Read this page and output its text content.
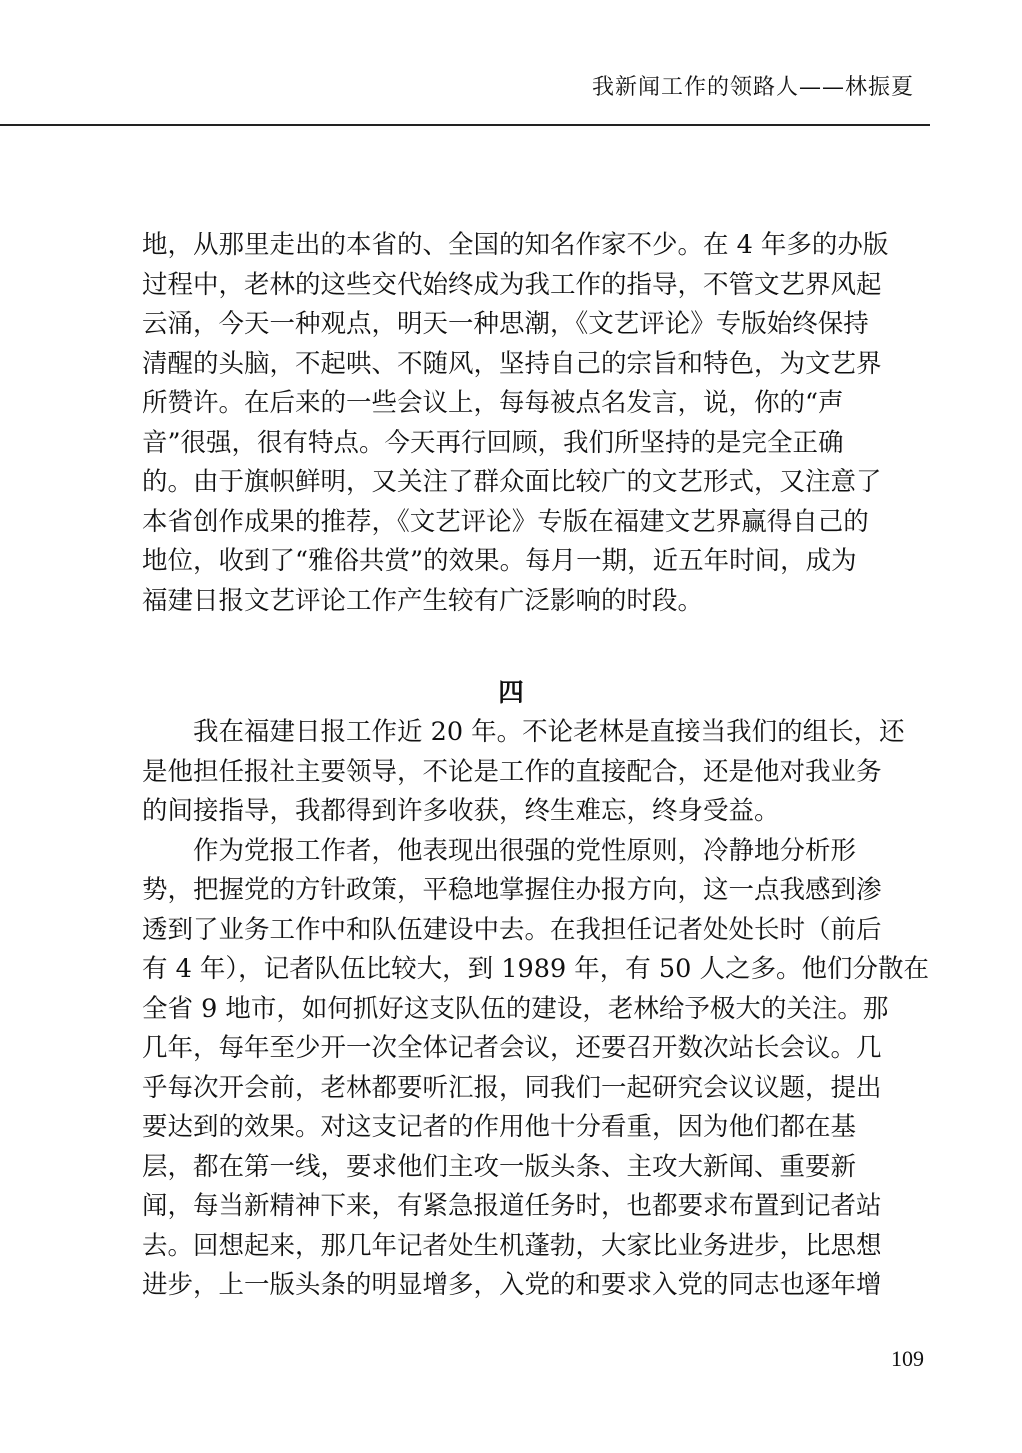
我新闻工作的领路人——林振夏
地，从那里走出的本省的、全国的知名作家不少。在 4 年多的办版
过程中，老林的这些交代始终成为我工作的指导，不管文艺界风起
云涌，今天一种观点，明天一种思潮，《文艺评论》专版始终保持
清醒的头脑，不起哄、不随风，坚持自己的宗旨和特色，为文艺界
所赞许。在后来的一些会议上，每每被点名发言，说，你的“声
音”很强，很有特点。今天再行回顾，我们所坚持的是完全正确
的。由于旗帜鲜明，又关注了群众面比较广的文艺形式，又注意了
本省创作成果的推荐，《文艺评论》专版在福建文艺界赢得自己的
地位，收到了“雅俗共赏”的效果。每月一期，近五年时间，成为
福建日报文艺评论工作产生较有广泛影响的时段。
四
　　我在福建日报工作近 20 年。不论老林是直接当我们的组长，还
是他担任报社主要领导，不论是工作的直接配合，还是他对我业务
的间接指导，我都得到许多收获，终生难忘，终身受益。
　　作为党报工作者，他表现出很强的党性原则，冷静地分析形
势，把握党的方针政策，平稳地掌握住办报方向，这一点我感到渗
透到了业务工作中和队伍建设中去。在我担任记者处处长时（前后
有 4 年），记者队伍比较大，到 1989 年，有 50 人之多。他们分散在
全省 9 地市，如何抓好这支队伍的建设，老林给予极大的关注。那
几年，每年至少开一次全体记者会议，还要召开数次站长会议。几
乎每次开会前，老林都要听汇报，同我们一起研究会议议题，提出
要达到的效果。对这支记者的作用他十分看重，因为他们都在基
层，都在第一线，要求他们主攻一版头条、主攻大新闻、重要新
闻，每当新精神下来，有紧急报道任务时，也都要求布置到记者站
去。回想起来，那几年记者处生机蓬勃，大家比业务进步，比思想
进步，上一版头条的明显增多，入党的和要求入党的同志也逐年增
109
